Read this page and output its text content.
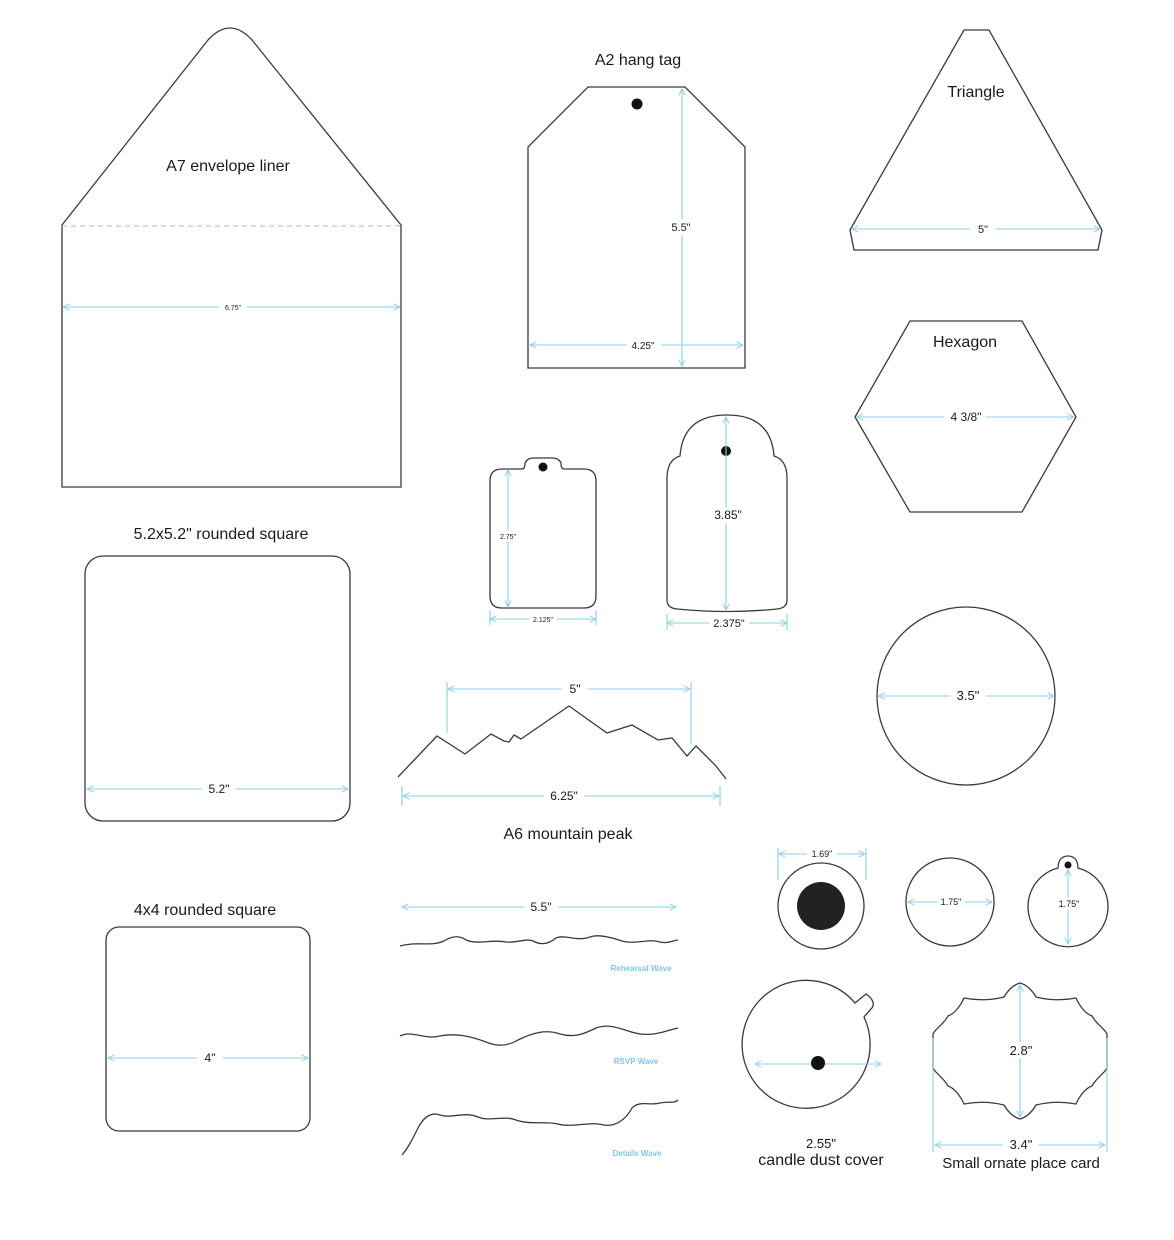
6.75"
A7 envelope liner
A2 hang tag
5.5"
4.25"
Triangle
5"
Hexagon
4 3/8"
2.75"
2.125"
3.85"
2.375"
5.2x5.2" rounded square
5.2"
3.5"
5"
6.25"
A6 mountain peak
4x4 rounded square
4"
5.5"
Rehearsal Wave
RSVP Wave
Details Wave
1.69"
1.75"	1.75"
2.55"
candle dust cover
2.8"
3.4"
Small ornate place card
